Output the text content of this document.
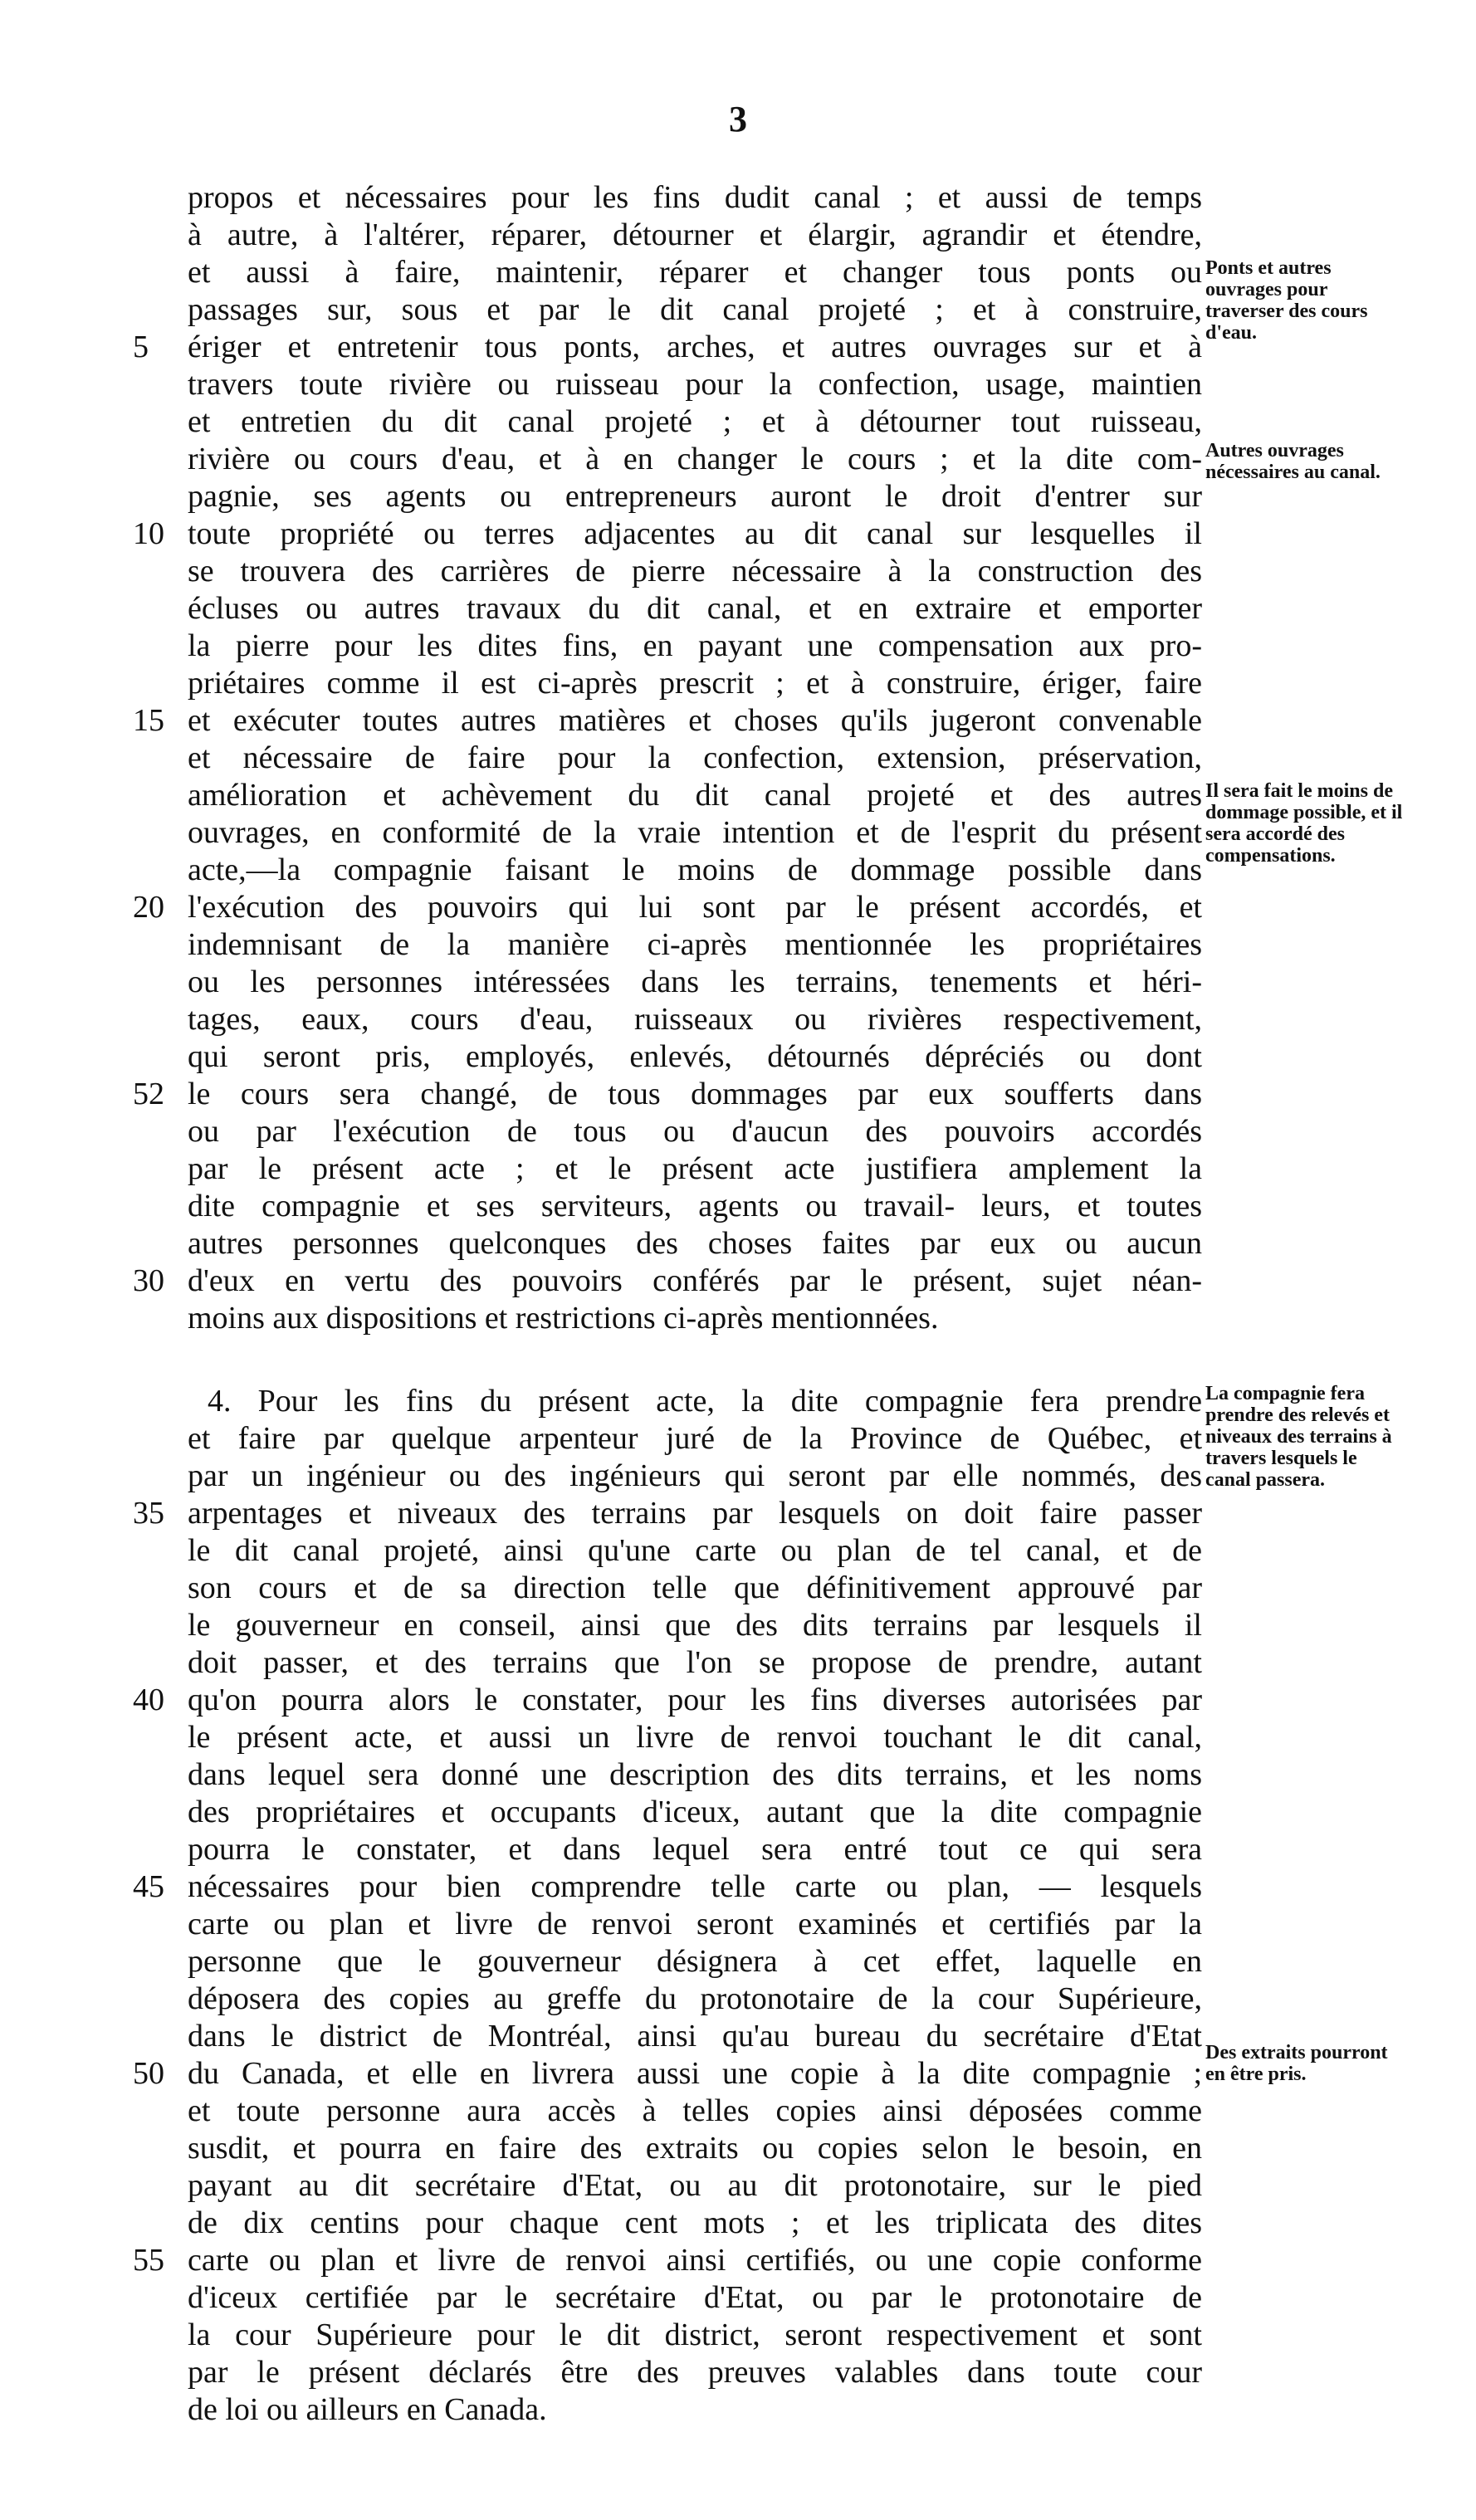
3
propos et nécessaires pour les fins dudit canal ; et aussi de temps
à autre, à l'altérer, réparer, détourner et élargir, agrandir et étendre,
et aussi à faire, maintenir, réparer et changer tous ponts ou
passages sur, sous et par le dit canal projeté ; et à construire,
ériger et entretenir tous ponts, arches, et autres ouvrages sur et à
travers toute rivière ou ruisseau pour la confection, usage, maintien
et entretien du dit canal projeté ; et à détourner tout ruisseau,
rivière ou cours d'eau, et à en changer le cours ; et la dite com-
pagnie, ses agents ou entrepreneurs auront le droit d'entrer sur
toute propriété ou terres adjacentes au dit canal sur lesquelles il
se trouvera des carrières de pierre nécessaire à la construction des
écluses ou autres travaux du dit canal, et en extraire et emporter
la pierre pour les dites fins, en payant une compensation aux pro-
priétaires comme il est ci-après prescrit ; et à construire, ériger, faire
et exécuter toutes autres matières et choses qu'ils jugeront convenable
et nécessaire de faire pour la confection, extension, préservation,
amélioration et achèvement du dit canal projeté et des autres
ouvrages, en conformité de la vraie intention et de l'esprit du présent
acte,—la compagnie faisant le moins de dommage possible dans
l'exécution des pouvoirs qui lui sont par le présent accordés, et
indemnisant de la manière ci-après mentionnée les propriétaires
ou les personnes intéressées dans les terrains, tenements et héri-
tages, eaux, cours d'eau, ruisseaux ou rivières respectivement,
qui seront pris, employés, enlevés, détournés dépréciés ou dont
le cours sera changé, de tous dommages par eux soufferts dans
ou par l'exécution de tous ou d'aucun des pouvoirs accordés
par le présent acte ; et le présent acte justifiera amplement la
dite compagnie et ses serviteurs, agents ou travail- leurs, et toutes
autres personnes quelconques des choses faites par eux ou aucun
d'eux en vertu des pouvoirs conférés par le présent, sujet néan-
moins aux dispositions et restrictions ci-après mentionnées.
4. Pour les fins du présent acte, la dite compagnie fera prendre
et faire par quelque arpenteur juré de la Province de Québec, et
par un ingénieur ou des ingénieurs qui seront par elle nommés, des
arpentages et niveaux des terrains par lesquels on doit faire passer
le dit canal projeté, ainsi qu'une carte ou plan de tel canal, et de
son cours et de sa direction telle que définitivement approuvé par
le gouverneur en conseil, ainsi que des dits terrains par lesquels il
doit passer, et des terrains que l'on se propose de prendre, autant
qu'on pourra alors le constater, pour les fins diverses autorisées par
le présent acte, et aussi un livre de renvoi touchant le dit canal,
dans lequel sera donné une description des dits terrains, et les noms
des propriétaires et occupants d'iceux, autant que la dite compagnie
pourra le constater, et dans lequel sera entré tout ce qui sera
nécessaires pour bien comprendre telle carte ou plan, — lesquels
carte ou plan et livre de renvoi seront examinés et certifiés par la
personne que le gouverneur désignera à cet effet, laquelle en
déposera des copies au greffe du protonotaire de la cour Supérieure,
dans le district de Montréal, ainsi qu'au bureau du secrétaire d'Etat
du Canada, et elle en livrera aussi une copie à la dite compagnie ;
et toute personne aura accès à telles copies ainsi déposées comme
susdit, et pourra en faire des extraits ou copies selon le besoin, en
payant au dit secrétaire d'Etat, ou au dit protonotaire, sur le pied
de dix centins pour chaque cent mots ; et les triplicata des dites
carte ou plan et livre de renvoi ainsi certifiés, ou une copie conforme
d'iceux certifiée par le secrétaire d'Etat, ou par le protonotaire de
la cour Supérieure pour le dit district, seront respectivement et sont
par le présent déclarés être des preuves valables dans toute cour
de loi ou ailleurs en Canada.
5
10
15
20
52
30
35
40
45
50
55
Ponts et autres ouvrages pour traverser des cours d'eau.
Autres ouvrages nécessaires au canal.
Il sera fait le moins de dommage possible, et il sera accordé des compensations.
La compagnie fera prendre des relevés et niveaux des terrains à travers lesquels le canal passera.
Des extraits pourront en être pris.
